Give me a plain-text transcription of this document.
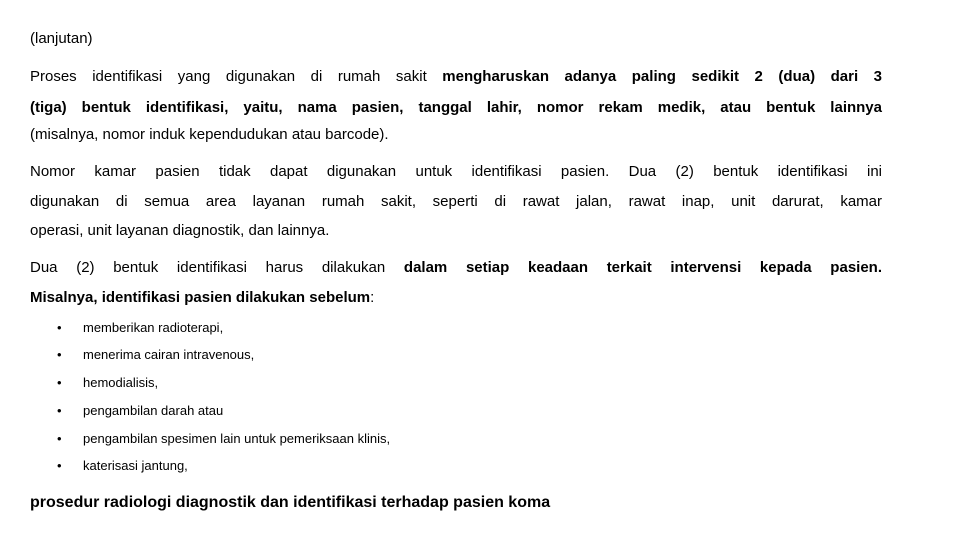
(lanjutan)
Proses identifikasi yang digunakan di rumah sakit mengharuskan adanya paling sedikit 2 (dua) dari 3
(tiga) bentuk identifikasi, yaitu, nama pasien, tanggal lahir, nomor rekam medik, atau bentuk lainnya
(misalnya, nomor induk kependudukan atau barcode).
Nomor kamar pasien tidak dapat digunakan untuk identifikasi pasien. Dua (2) bentuk identifikasi ini
digunakan di semua area layanan rumah sakit, seperti di rawat jalan, rawat inap, unit darurat, kamar
operasi, unit layanan diagnostik, dan lainnya.
Dua (2) bentuk identifikasi harus dilakukan dalam setiap keadaan terkait intervensi kepada pasien.
Misalnya, identifikasi pasien dilakukan sebelum:
• memberikan radioterapi,
• menerima cairan intravenous,
• hemodialisis,
• pengambilan darah atau
• pengambilan spesimen lain untuk pemeriksaan klinis,
• katerisasi jantung,
prosedur radiologi diagnostik dan identifikasi terhadap pasien koma
